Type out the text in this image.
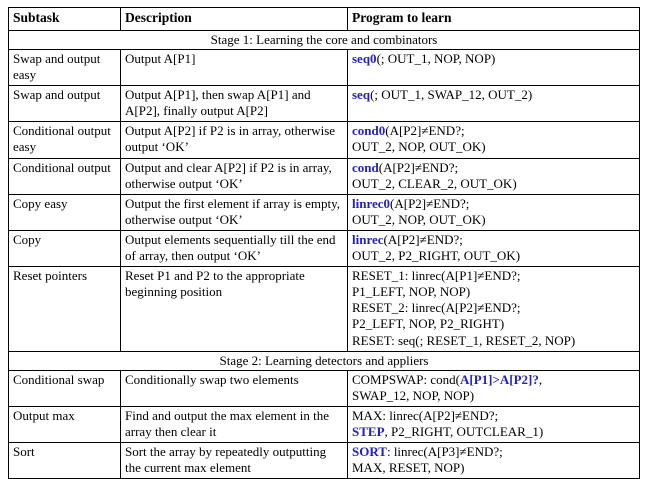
Subtask	Description	Program to learn
Stage 1: Learning the core and combinators		
Swap and output easy	Output A[P1]	seq0(; OUT_1, NOP, NOP)

Swap and output	Output A[P1], then swap A[P1] and A[P2], finally output A[P2]	seq(; OUT_1, SWAP_12, OUT_2)

Conditional output easy	Output A[P2] if P2 is in array, otherwise output ‘OK’	cond0(A[P2]≠END?;
OUT_2, NOP, OUT_OK)

Conditional output	Output and clear A[P2] if P2 is in array, otherwise output ‘OK’	cond(A[P2]≠END?;
OUT_2, CLEAR_2, OUT_OK)

Copy easy	Output the first element if array is empty, otherwise output ‘OK’	linrec0(A[P2]≠END?;
OUT_2, NOP, OUT_OK)

Copy	Output elements sequentially till the end of array, then output ‘OK’	linrec(A[P2]≠END?;
OUT_2, P2_RIGHT, OUT_OK)

Reset pointers	Reset P1 and P2 to the appropriate beginning position	RESET_1: linrec(A[P1]≠END?;
P1_LEFT, NOP, NOP)
RESET_2: linrec(A[P2]≠END?;
P2_LEFT, NOP, P2_RIGHT)
RESET: seq(; RESET_1, RESET_2, NOP)

Stage 2: Learning detectors and appliers		
Conditional swap	Conditionally swap two elements	COMPSWAP: cond(A[P1]>A[P2]?,
SWAP_12, NOP, NOP)

Output max	Find and output the max element in the array then clear it	MAX: linrec(A[P2]≠END?;
STEP, P2_RIGHT, OUTCLEAR_1)

Sort	Sort the array by repeatedly outputting the current max element	SORT: linrec(A[P3]≠END?;
MAX, RESET, NOP)
